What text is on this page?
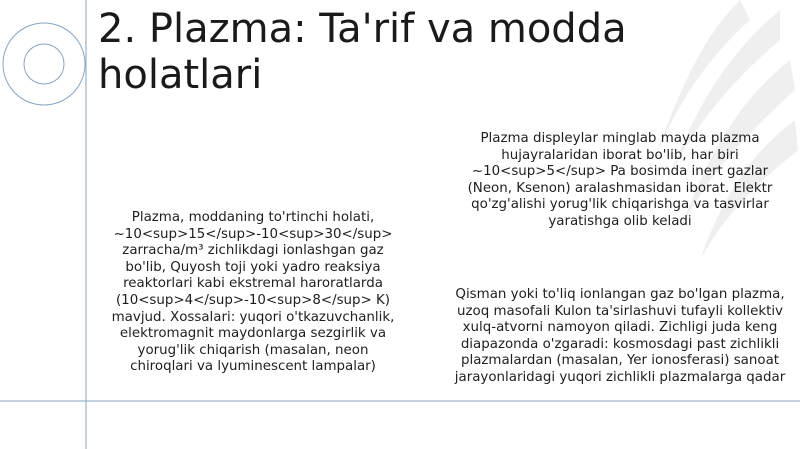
2. Plazma: Ta'rif va modda holatlari

Plazma, moddaning to'rtinchi holati, ~10<sup>15</sup>-10<sup>30</sup> zarracha/m³ zichlikdagi ionlashgan gaz bo'lib, Quyosh toji yoki yadro reaksiya reaktorlari kabi ekstremal haroratlarda (10<sup>4</sup>-10<sup>8</sup> K) mavjud. Xossalari: yuqori o'tkazuvchanlik, elektromagnit maydonlarga sezgirlik va yorug'lik chiqarish (masalan, neon chiroqlari va lyuminescent lampalar)

Plazma displeylar minglab mayda plazma hujayralaridan iborat bo'lib, har biri ~10<sup>5</sup> Pa bosimda inert gazlar (Neon, Ksenon) aralashmasidan iborat. Elektr qo'zg'alishi yorug'lik chiqarishga va tasvirlar yaratishga olib keladi

Qisman yoki to'liq ionlangan gaz bo'lgan plazma, uzoq masofali Kulon ta'sirlashuvi tufayli kollektiv xulq-atvorni namoyon qiladi. Zichligi juda keng diapazonda o'zgaradi: kosmosdagi past zichlikli plazmalardan (masalan, Yer ionosferasi) sanoat jarayonlaridagi yuqori zichlikli plazmalarga qadar
